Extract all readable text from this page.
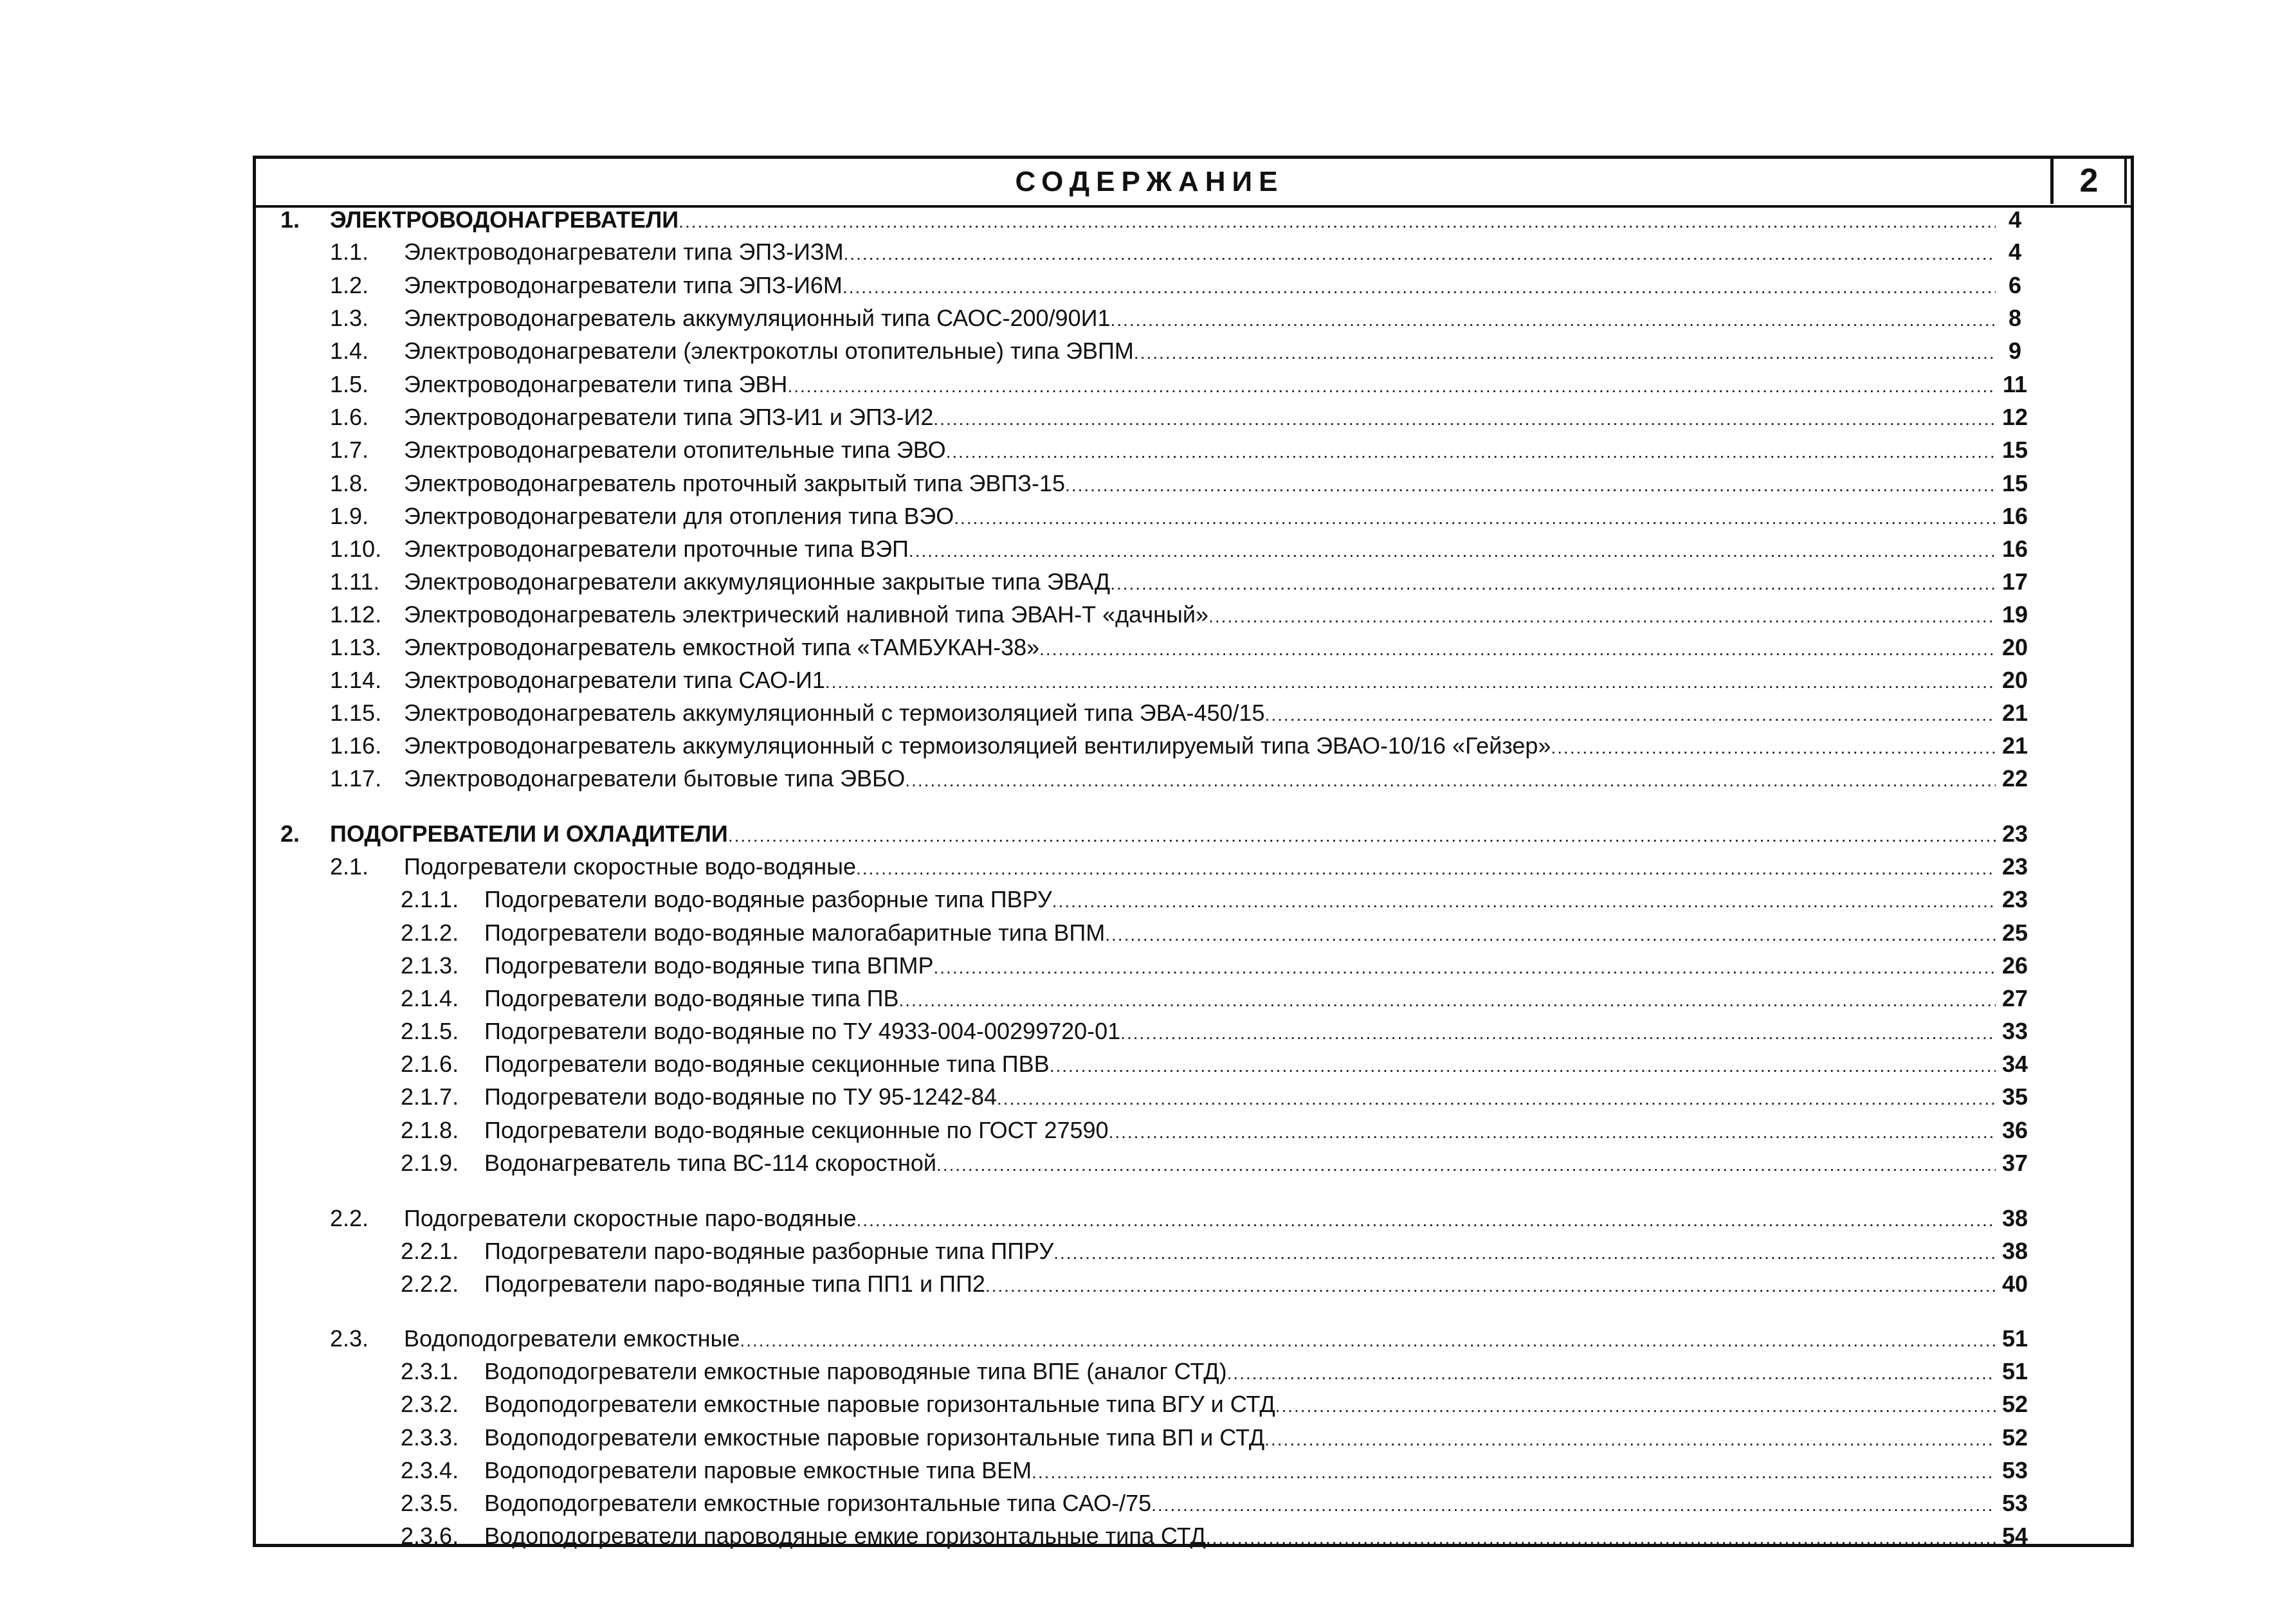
СОДЕРЖАНИЕ	2
1. ЭЛЕКТРОВОДОНАГРЕВАТЕЛИ .....	4
1.1. Электроводонагреватели типа ЭПЗ-ИЗМ .....	4
1.2. Электроводонагреватели типа ЭПЗ-И6М .....	6
1.3. Электроводонагреватель аккумуляционный типа САОС-200/90И1 .....	8
1.4. Электроводонагреватели (электрокотлы отопительные) типа ЭВПМ .....	9
1.5. Электроводонагреватели типа ЭВН .....	11
1.6. Электроводонагреватели типа ЭПЗ-И1 и ЭПЗ-И2 .....	12
1.7. Электроводонагреватели отопительные типа ЭВО .....	15
1.8. Электроводонагреватель проточный закрытый типа ЭВПЗ-15 .....	15
1.9. Электроводонагреватели для отопления типа ВЭО .....	16
1.10. Электроводонагреватели проточные типа ВЭП .....	16
1.11. Электроводонагреватели аккумуляционные закрытые типа ЭВАД .....	17
1.12. Электроводонагреватель электрический наливной типа ЭВАН-Т «дачный» .....	19
1.13. Электроводонагреватель емкостной типа «ТАМБУКАН-38» .....	20
1.14. Электроводонагреватели типа САО-И1 .....	20
1.15. Электроводонагреватель аккумуляционный с термоизоляцией типа ЭВА-450/15 .....	21
1.16. Электроводонагреватель аккумуляционный с термоизоляцией вентилируемый типа ЭВАО-10/16 «Гейзер» .....	21
1.17. Электроводонагреватели бытовые типа ЭВБО .....	22
2. ПОДОГРЕВАТЕЛИ И ОХЛАДИТЕЛИ .....	23
2.1. Подогреватели скоростные водо-водяные .....	23
2.1.1. Подогреватели водо-водяные разборные типа ПВРУ .....	23
2.1.2. Подогреватели водо-водяные малогабаритные типа ВПМ .....	25
2.1.3. Подогреватели водо-водяные типа ВПМР .....	26
2.1.4. Подогреватели водо-водяные типа ПВ .....	27
2.1.5. Подогреватели водо-водяные по ТУ 4933-004-00299720-01 .....	33
2.1.6. Подогреватели водо-водяные секционные типа ПВВ .....	34
2.1.7. Подогреватели водо-водяные по ТУ 95-1242-84 .....	35
2.1.8. Подогреватели водо-водяные секционные по ГОСТ 27590 .....	36
2.1.9. Водонагреватель типа ВС-114 скоростной .....	37
2.2. Подогреватели скоростные паро-водяные .....	38
2.2.1. Подогреватели паро-водяные разборные типа ППРУ .....	38
2.2.2. Подогреватели паро-водяные типа ПП1 и ПП2 .....	40
2.3. Водоподогреватели емкостные .....	51
2.3.1. Водоподогреватели емкостные пароводяные типа ВПЕ (аналог СТД) .....	51
2.3.2. Водоподогреватели емкостные паровые горизонтальные типа ВГУ и СТД .....	52
2.3.3. Водоподогреватели емкостные паровые горизонтальные типа ВП и СТД .....	52
2.3.4. Водоподогреватели паровые емкостные типа ВЕМ .....	53
2.3.5. Водоподогреватели емкостные горизонтальные типа САО-/75 .....	53
2.3.6. Водоподогреватели пароводяные емкие горизонтальные типа СТД .....	54
